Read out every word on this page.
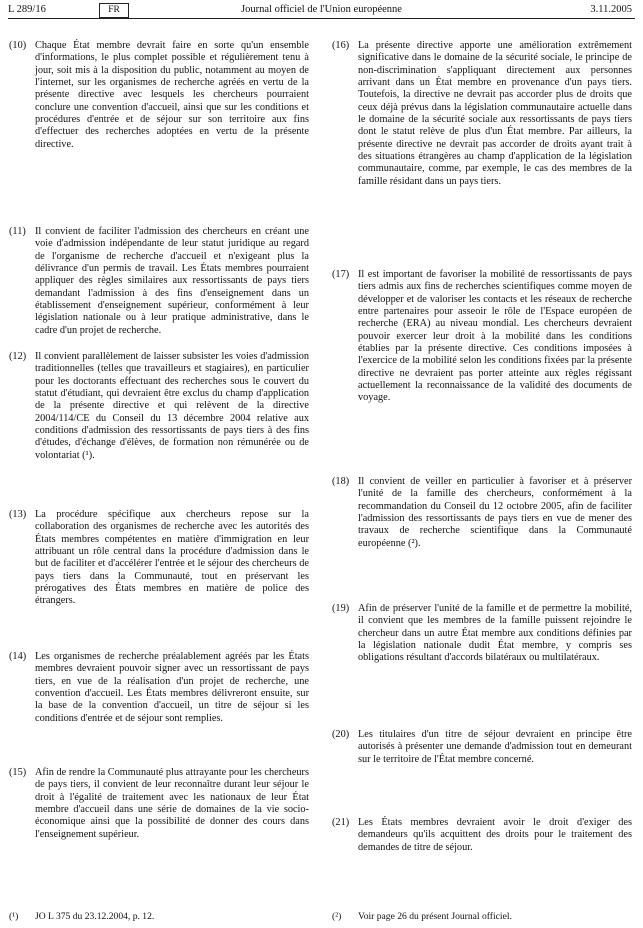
L 289/16	FR	Journal officiel de l'Union européenne	3.11.2005
(10) Chaque État membre devrait faire en sorte qu'un ensemble d'informations, le plus complet possible et régulièrement tenu à jour, soit mis à la disposition du public, notamment au moyen de l'internet, sur les organismes de recherche agréés en vertu de la présente directive avec lesquels les chercheurs pourraient conclure une convention d'accueil, ainsi que sur les conditions et procédures d'entrée et de séjour sur son territoire aux fins d'effectuer des recherches adoptées en vertu de la présente directive.
(11) Il convient de faciliter l'admission des chercheurs en créant une voie d'admission indépendante de leur statut juridique au regard de l'organisme de recherche d'accueil et n'exigeant plus la délivrance d'un permis de travail. Les États membres pourraient appliquer des règles similaires aux ressortissants de pays tiers demandant l'admission à des fins d'enseignement dans un établissement d'enseignement supérieur, conformément à leur législation nationale ou à leur pratique administrative, dans le cadre d'un projet de recherche.
(12) Il convient parallèlement de laisser subsister les voies d'admission traditionnelles (telles que travailleurs et stagiaires), en particulier pour les doctorants effectuant des recherches sous le couvert du statut d'étudiant, qui devraient être exclus du champ d'application de la présente directive et qui relèvent de la directive 2004/114/CE du Conseil du 13 décembre 2004 relative aux conditions d'admission des ressortissants de pays tiers à des fins d'études, d'échange d'élèves, de formation non rémunérée ou de volontariat (¹).
(13) La procédure spécifique aux chercheurs repose sur la collaboration des organismes de recherche avec les autorités des États membres compétentes en matière d'immigration en leur attribuant un rôle central dans la procédure d'admission dans le but de faciliter et d'accélérer l'entrée et le séjour des chercheurs de pays tiers dans la Communauté, tout en préservant les prérogatives des États membres en matière de police des étrangers.
(14) Les organismes de recherche préalablement agréés par les États membres devraient pouvoir signer avec un ressortissant de pays tiers, en vue de la réalisation d'un projet de recherche, une convention d'accueil. Les États membres délivreront ensuite, sur la base de la convention d'accueil, un titre de séjour si les conditions d'entrée et de séjour sont remplies.
(15) Afin de rendre la Communauté plus attrayante pour les chercheurs de pays tiers, il convient de leur reconnaître durant leur séjour le droit à l'égalité de traitement avec les nationaux de leur État membre d'accueil dans une série de domaines de la vie socio-économique ainsi que la possibilité de donner des cours dans l'enseignement supérieur.
(16) La présente directive apporte une amélioration extrêmement significative dans le domaine de la sécurité sociale, le principe de non-discrimination s'appliquant directement aux personnes arrivant dans un État membre en provenance d'un pays tiers. Toutefois, la directive ne devrait pas accorder plus de droits que ceux déjà prévus dans la législation communautaire actuelle dans le domaine de la sécurité sociale aux ressortissants de pays tiers dont le statut relève de plus d'un État membre. Par ailleurs, la présente directive ne devrait pas accorder de droits ayant trait à des situations étrangères au champ d'application de la législation communautaire, comme, par exemple, le cas des membres de la famille résidant dans un pays tiers.
(17) Il est important de favoriser la mobilité de ressortissants de pays tiers admis aux fins de recherches scientifiques comme moyen de développer et de valoriser les contacts et les réseaux de recherche entre partenaires pour asseoir le rôle de l'Espace européen de recherche (ERA) au niveau mondial. Les chercheurs devraient pouvoir exercer leur droit à la mobilité dans les conditions établies par la présente directive. Ces conditions imposées à l'exercice de la mobilité selon les conditions fixées par la présente directive ne devraient pas porter atteinte aux règles régissant actuellement la reconnaissance de la validité des documents de voyage.
(18) Il convient de veiller en particulier à favoriser et à préserver l'unité de la famille des chercheurs, conformément à la recommandation du Conseil du 12 octobre 2005, afin de faciliter l'admission des ressortissants de pays tiers en vue de mener des travaux de recherche scientifique dans la Communauté européenne (²).
(19) Afin de préserver l'unité de la famille et de permettre la mobilité, il convient que les membres de la famille puissent rejoindre le chercheur dans un autre État membre aux conditions définies par la législation nationale dudit État membre, y compris ses obligations résultant d'accords bilatéraux ou multilatéraux.
(20) Les titulaires d'un titre de séjour devraient en principe être autorisés à présenter une demande d'admission tout en demeurant sur le territoire de l'État membre concerné.
(21) Les États membres devraient avoir le droit d'exiger des demandeurs qu'ils acquittent des droits pour le traitement des demandes de titre de séjour.
(¹) JO L 375 du 23.12.2004, p. 12.	(²) Voir page 26 du présent Journal officiel.
